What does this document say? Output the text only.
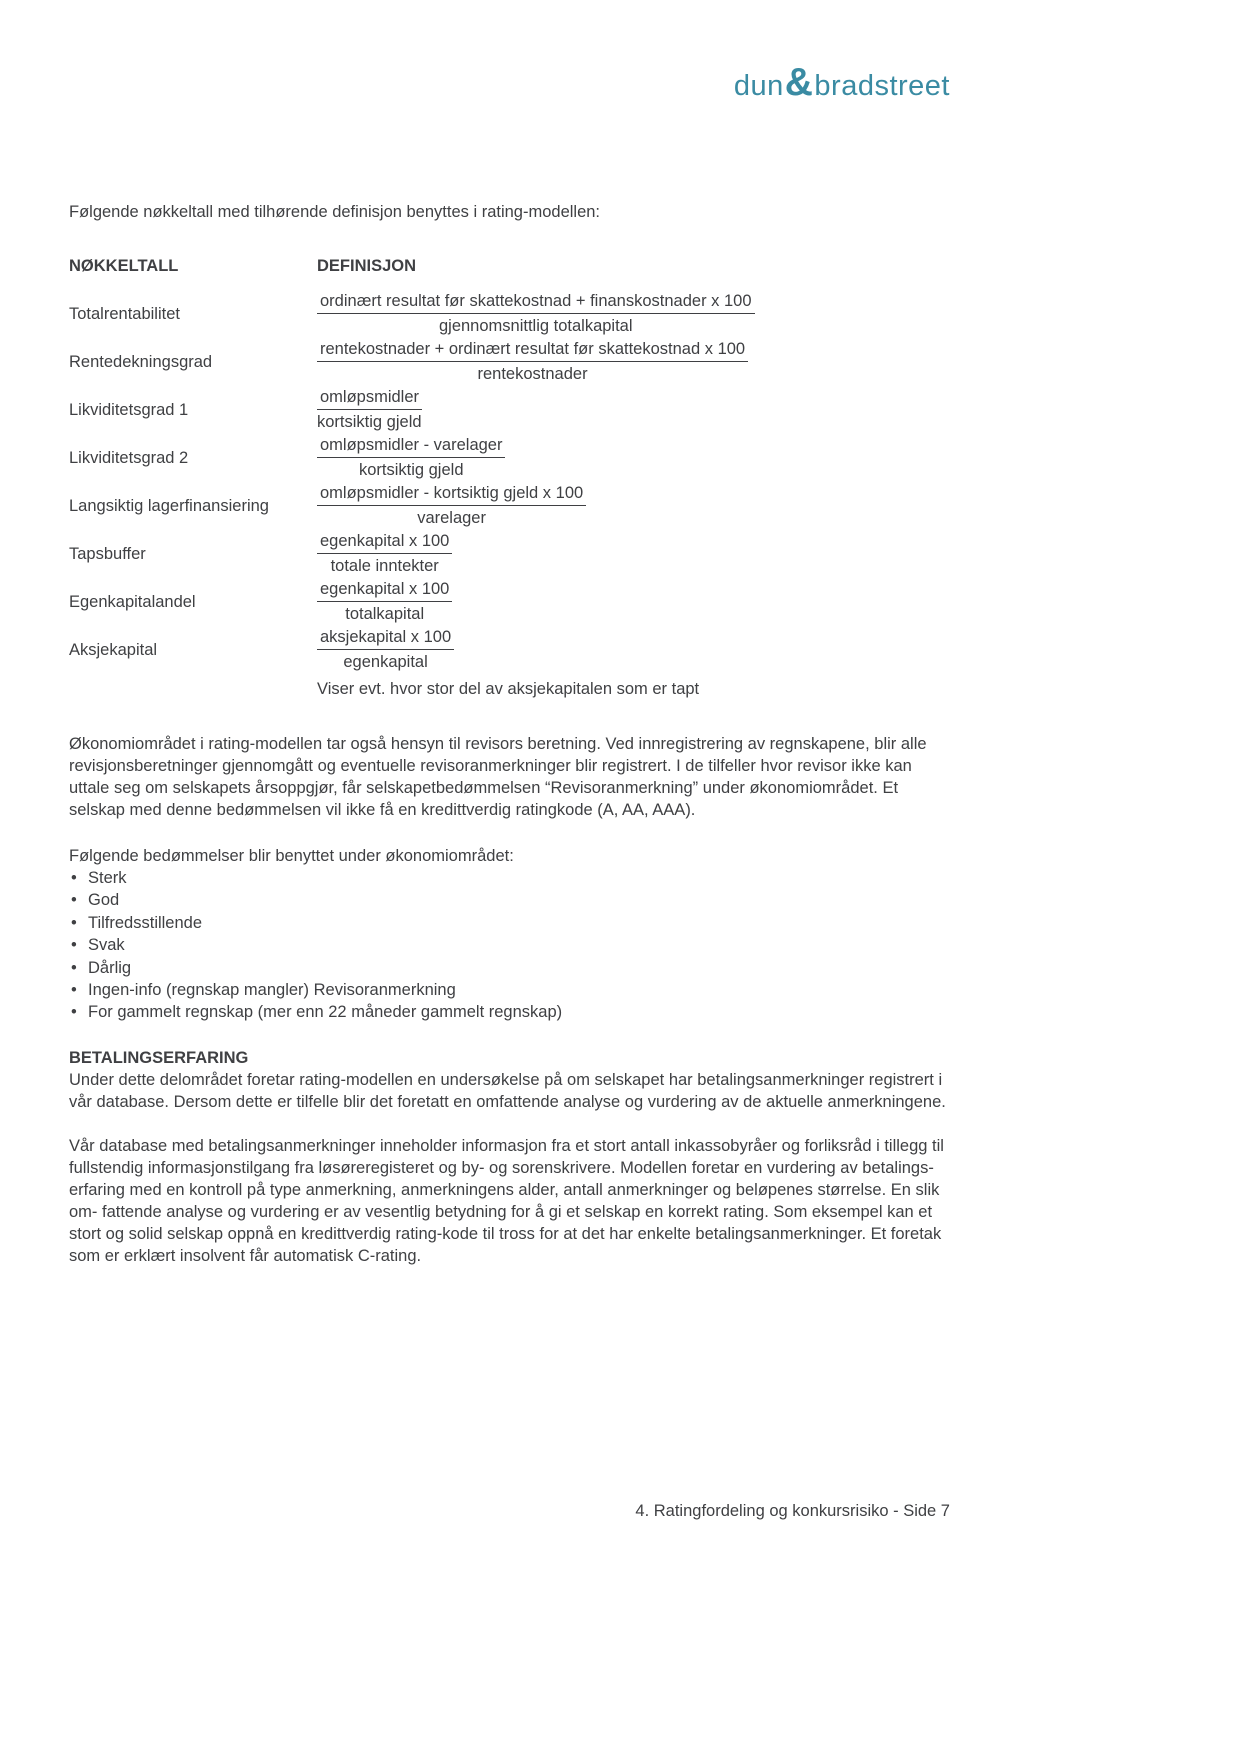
dun & bradstreet

Følgende nøkkeltall med tilhørende definisjon benyttes i rating-modellen:

NØKKELTALL	DEFINISJON
Totalrentabilitet	$\frac{\text{ordinært resultat før skattekostnad + finanskostnader x 100}}{\text{gjennomsnittlig totalkapital}}$
Rentedekningsgrad	$\frac{\text{rentekostnader + ordinært resultat før skattekostnad x 100}}{\text{rentekostnader}}$
Likviditetsgrad 1	$\frac{\text{omløpsmidler}}{\text{kortsiktig gjeld}}$
Likviditetsgrad 2	$\frac{\text{omløpsmidler - varelager}}{\text{kortsiktig gjeld}}$
Langsiktig lagerfinansiering	$\frac{\text{omløpsmidler - kortsiktig gjeld x 100}}{\text{varelager}}$
Tapsbuffer	$\frac{\text{egenkapital x 100}}{\text{totale inntekter}}$
Egenkapitalandel	$\frac{\text{egenkapital x 100}}{\text{totalkapital}}$
Aksjekapital	$\frac{\text{aksjekapital x 100}}{\text{egenkapital}}$

Viser evt. hvor stor del av aksjekapitalen som er tapt

Økonomiområdet i rating-modellen tar også hensyn til revisors beretning. Ved innregistrering av regnskapene, blir alle revisjonsberetninger gjennomgått og eventuelle revisoranmerkninger blir registrert. I de tilfeller hvor revisor ikke kan uttale seg om selskapets årsoppgjør, får selskapetbedømmelsen “Revisoranmerkning” under økonomiområdet. Et selskap med denne bedømmelsen vil ikke få en kredittverdig ratingkode (A, AA, AAA).

Følgende bedømmelser blir benyttet under økonomiområdet:

• Sterk
• God
• Tilfredsstillende
• Svak
• Dårlig
• Ingen-info (regnskap mangler) Revisoranmerkning
• For gammelt regnskap (mer enn 22 måneder gammelt regnskap)
BETALINGSERFARING

Under dette delområdet foretar rating-modellen en undersøkelse på om selskapet har betalingsanmerkninger registrert i vår database. Dersom dette er tilfelle blir det foretatt en omfattende analyse og vurdering av de aktuelle anmerkningene.

Vår database med betalingsanmerkninger inneholder informasjon fra et stort antall inkassobyråer og forliksråd i tillegg til fullstendig informasjonstilgang fra løsøreregisteret og by- og sorenskrivere. Modellen foretar en vurdering av betalings- erfaring med en kontroll på type anmerkning, anmerkningens alder, antall anmerkninger og beløpenes størrelse. En slik om- fattende analyse og vurdering er av vesentlig betydning for å gi et selskap en korrekt rating. Som eksempel kan et stort og solid selskap oppnå en kredittverdig rating-kode til tross for at det har enkelte betalingsanmerkninger. Et foretak som er erklært insolvent får automatisk C-rating.

4. Ratingfordeling og konkursrisiko - Side 7
